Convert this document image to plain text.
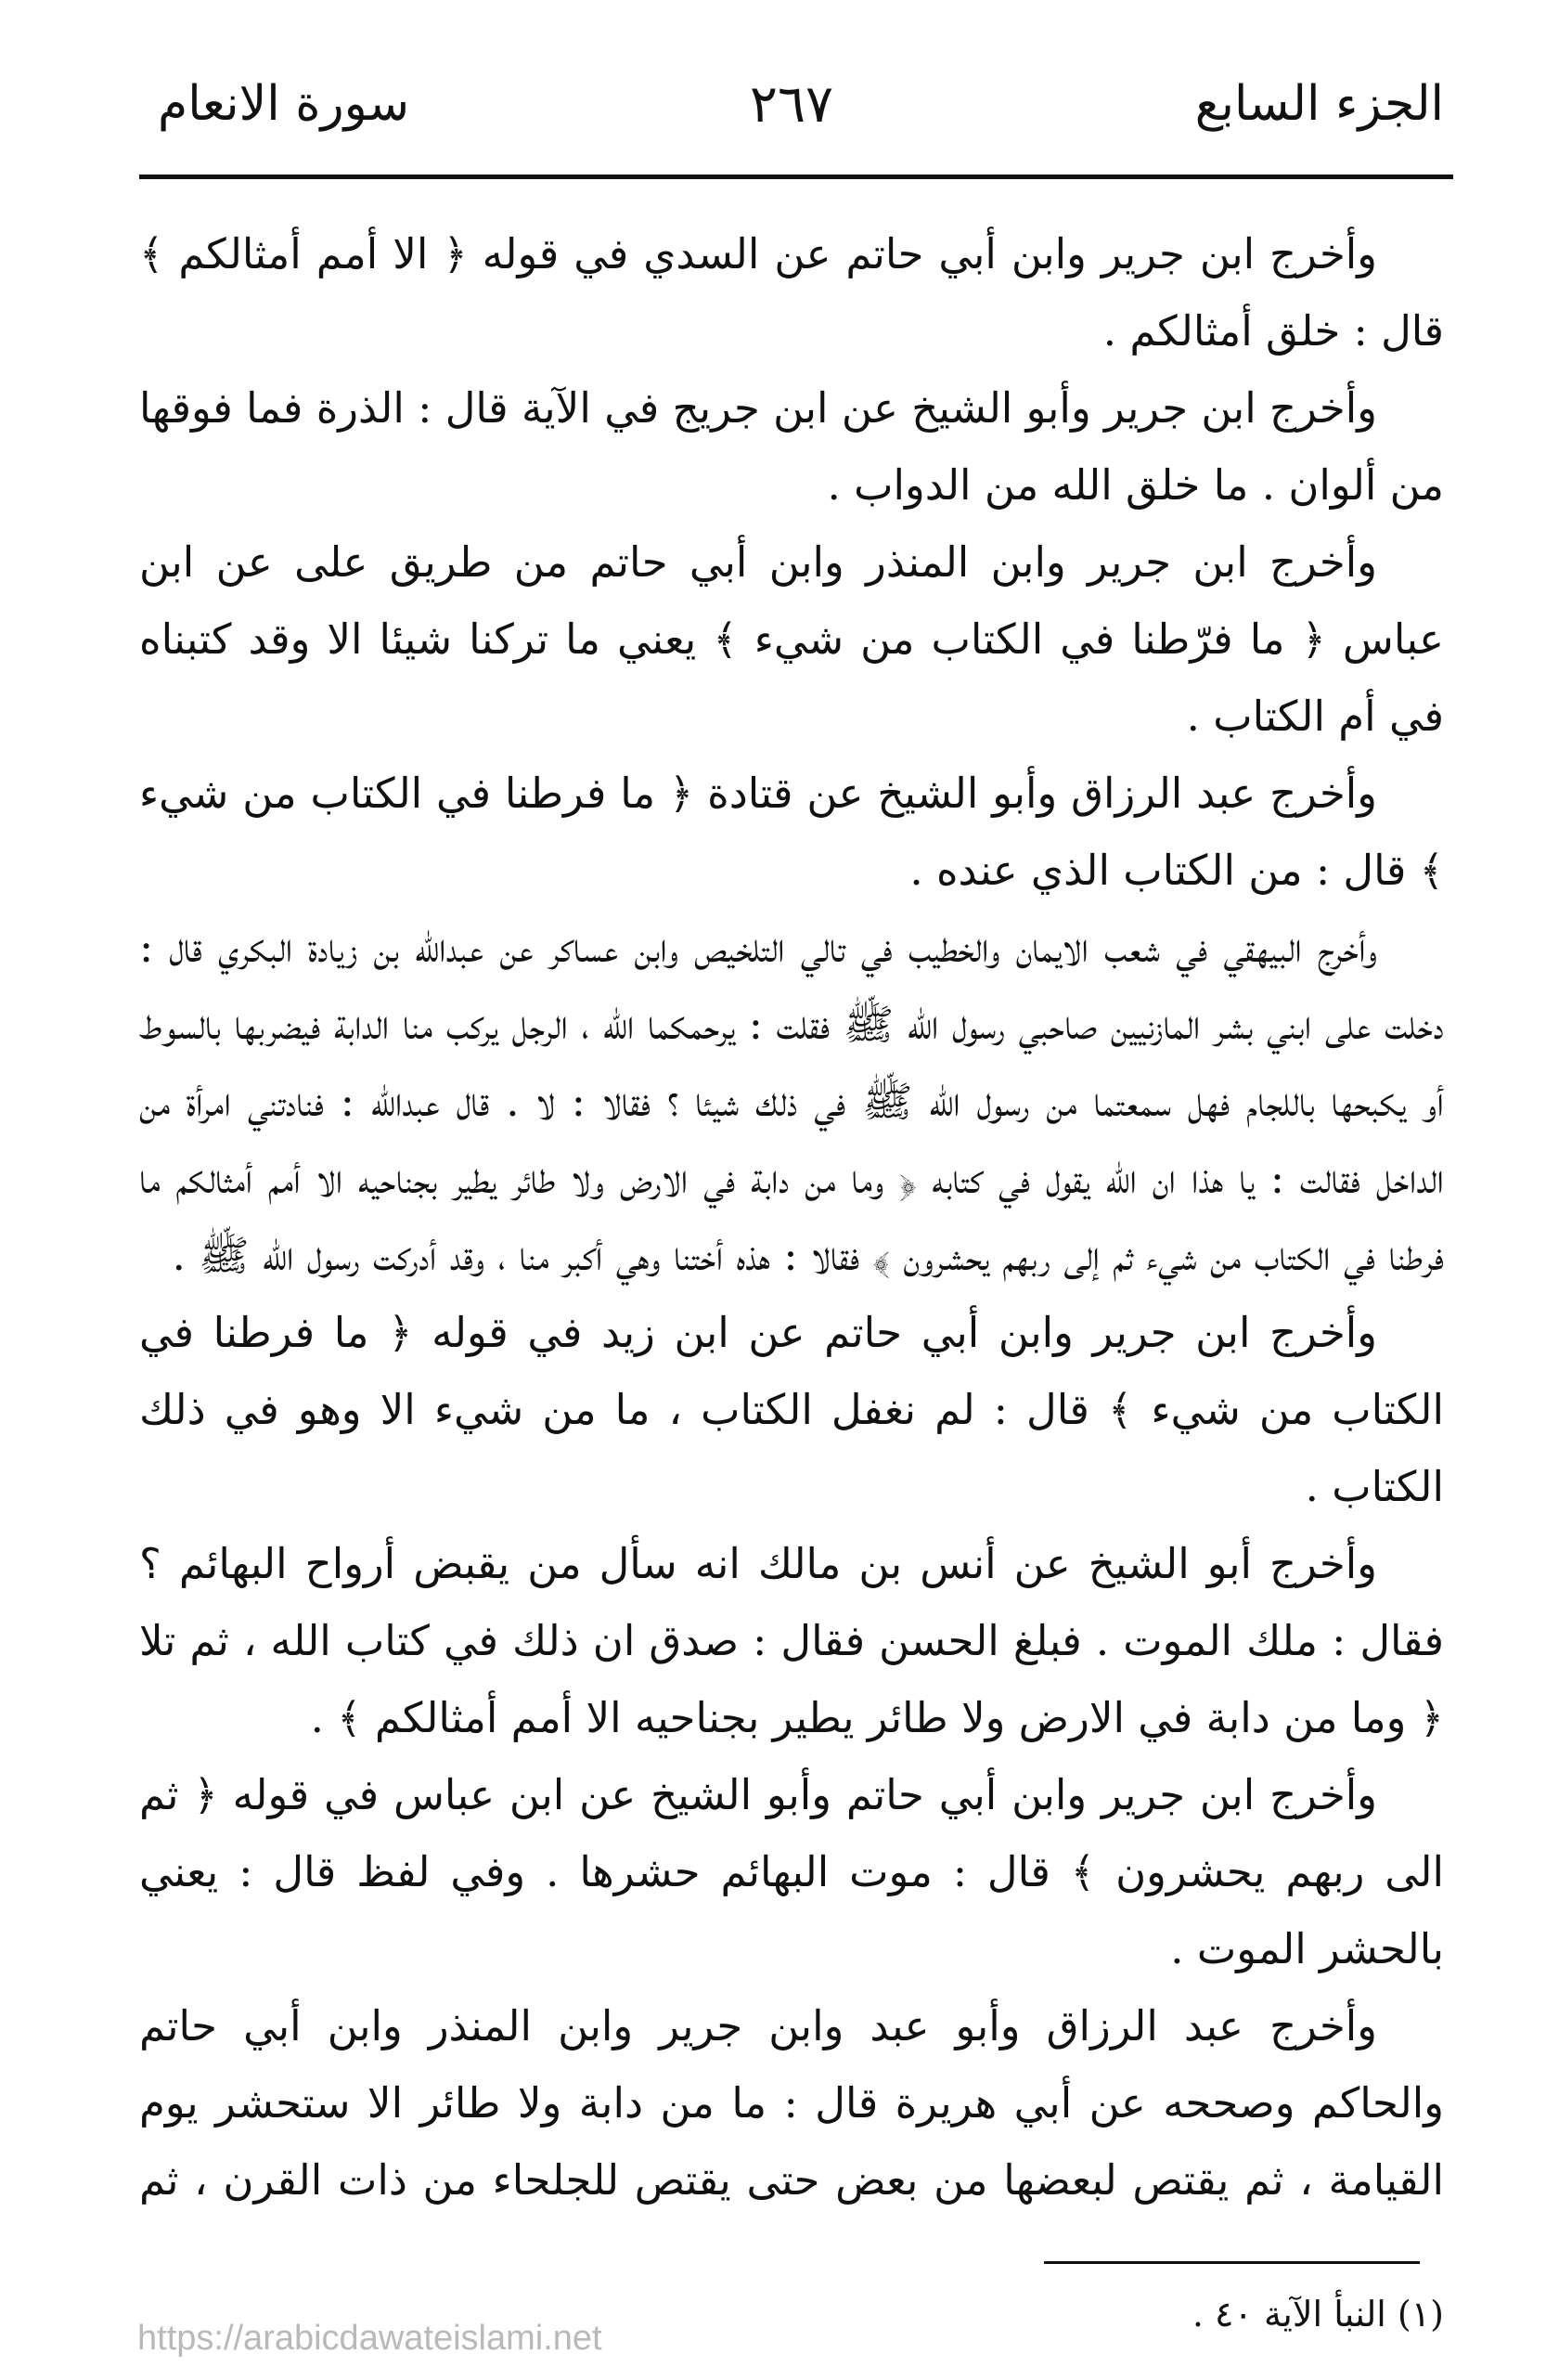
الجزء السابع
٢٦٧
سورة الانعام

وأخرج ابن جرير وابن أبي حاتم عن السدي في قوله ﴿ الا أمم أمثالكم ﴾ قال : خلق أمثالكم .

وأخرج ابن جرير وأبو الشيخ عن ابن جريج في الآية قال : الذرة فما فوقها من ألوان . ما خلق الله من الدواب .

وأخرج ابن جرير وابن المنذر وابن أبي حاتم من طريق على عن ابن عباس ﴿ ما فرّطنا في الكتاب من شيء ﴾ يعني ما تركنا شيئا الا وقد كتبناه في أم الكتاب .

وأخرج عبد الرزاق وأبو الشيخ عن قتادة ﴿ ما فرطنا في الكتاب من شيء ﴾ قال : من الكتاب الذي عنده .

وأخرج البيهقي في شعب الايمان والخطيب في تالي التلخيص وابن عساكر عن عبدالله بن زيادة البكري قال : دخلت على ابني بشر المازنيين صاحبي رسول الله ﷺ فقلت : يرحمكما الله ، الرجل يركب منا الدابة فيضربها بالسوط أو يكبحها باللجام فهل سمعتما من رسول الله ﷺ في ذلك شيئا ؟ فقالا : لا . قال عبدالله : فنادتني امرأة من الداخل فقالت : يا هذا ان الله يقول في كتابه ﴿ وما من دابة في الارض ولا طائر يطير بجناحيه الا أمم أمثالكم ما فرطنا في الكتاب من شيء ثم إلى ربهم يحشرون ﴾ فقالا : هذه أختنا وهي أكبر منا ، وقد أدركت رسول الله ﷺ .

وأخرج ابن جرير وابن أبي حاتم عن ابن زيد في قوله ﴿ ما فرطنا في الكتاب من شيء ﴾ قال : لم نغفل الكتاب ، ما من شيء الا وهو في ذلك الكتاب .

وأخرج أبو الشيخ عن أنس بن مالك انه سأل من يقبض أرواح البهائم ؟ فقال : ملك الموت . فبلغ الحسن فقال : صدق ان ذلك في كتاب الله ، ثم تلا ﴿ وما من دابة في الارض ولا طائر يطير بجناحيه الا أمم أمثالكم ﴾ .

وأخرج ابن جرير وابن أبي حاتم وأبو الشيخ عن ابن عباس في قوله ﴿ ثم الى ربهم يحشرون ﴾ قال : موت البهائم حشرها . وفي لفظ قال : يعني بالحشر الموت .

وأخرج عبد الرزاق وأبو عبد وابن جرير وابن المنذر وابن أبي حاتم والحاكم وصححه عن أبي هريرة قال : ما من دابة ولا طائر الا ستحشر يوم القيامة ، ثم يقتص لبعضها من بعض حتى يقتص للجلحاء من ذات القرن ، ثم

(١) النبأ الآية ٤٠ .
https://arabicdawateislami.net
